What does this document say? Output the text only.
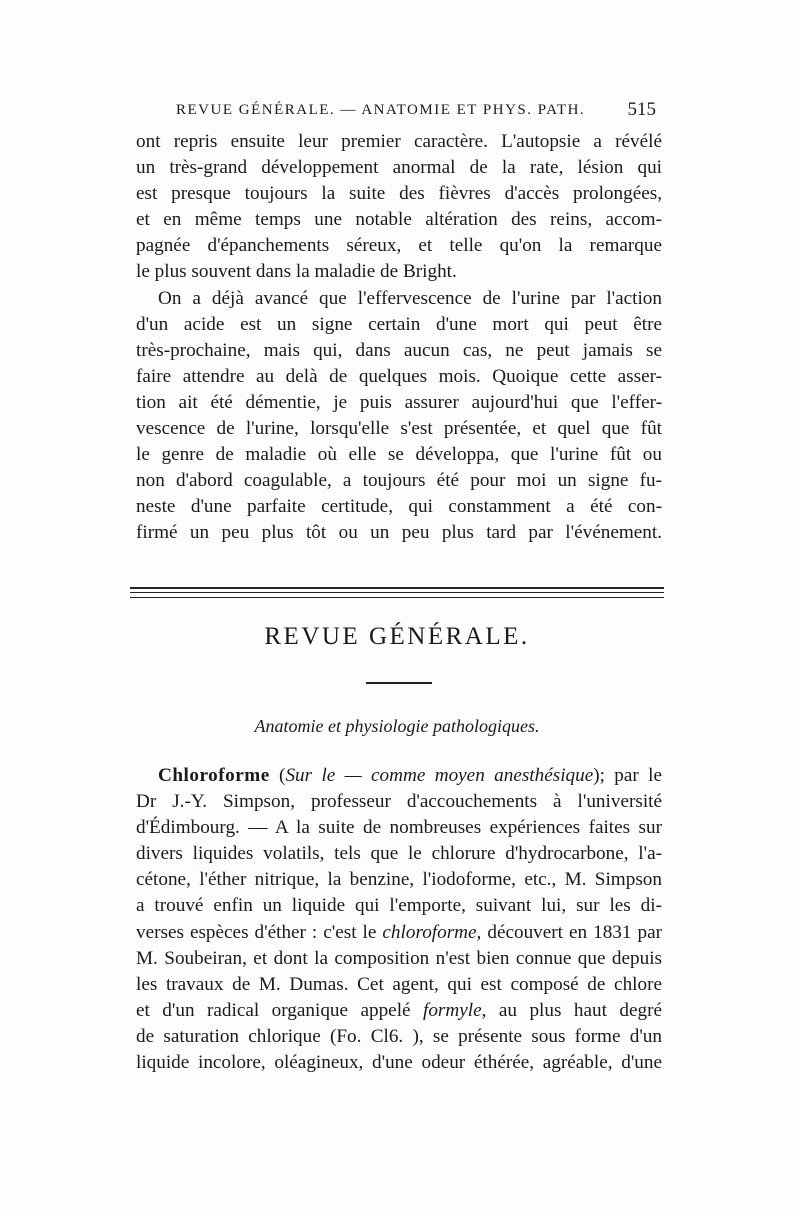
REVUE GÉNÉRALE. — ANATOMIE ET PHYS. PATH. 515
ont repris ensuite leur premier caractère. L'autopsie a révélé
un très-grand développement anormal de la rate, lésion qui
est presque toujours la suite des fièvres d'accès prolongées,
et en même temps une notable altération des reins, accom-
pagnée d'épanchements séreux, et telle qu'on la remarque
le plus souvent dans la maladie de Bright.
On a déjà avancé que l'effervescence de l'urine par l'action
d'un acide est un signe certain d'une mort qui peut être
très-prochaine, mais qui, dans aucun cas, ne peut jamais se
faire attendre au delà de quelques mois. Quoique cette asser-
tion ait été démentie, je puis assurer aujourd'hui que l'effer-
vescence de l'urine, lorsqu'elle s'est présentée, et quel que fût
le genre de maladie où elle se développa, que l'urine fût ou
non d'abord coagulable, a toujours été pour moi un signe fu-
neste d'une parfaite certitude, qui constamment a été con-
firmé un peu plus tôt ou un peu plus tard par l'événement.
REVUE GÉNÉRALE.
Anatomie et physiologie pathologiques.
Chloroforme (Sur le — comme moyen anesthésique); par le
Dr J.-Y. Simpson, professeur d'accouchements à l'université
d'Édimbourg. — A la suite de nombreuses expériences faites sur
divers liquides volatils, tels que le chlorure d'hydrocarbone, l'a-
cétone, l'éther nitrique, la benzine, l'iodoforme, etc., M. Simpson
a trouvé enfin un liquide qui l'emporte, suivant lui, sur les di-
verses espèces d'éther : c'est le chloroforme, découvert en 1831 par
M. Soubeiran, et dont la composition n'est bien connue que depuis
les travaux de M. Dumas. Cet agent, qui est composé de chlore
et d'un radical organique appelé formyle, au plus haut degré
de saturation chlorique (Fo. Cl6. ), se présente sous forme d'un
liquide incolore, oléagineux, d'une odeur éthérée, agréable, d'une
